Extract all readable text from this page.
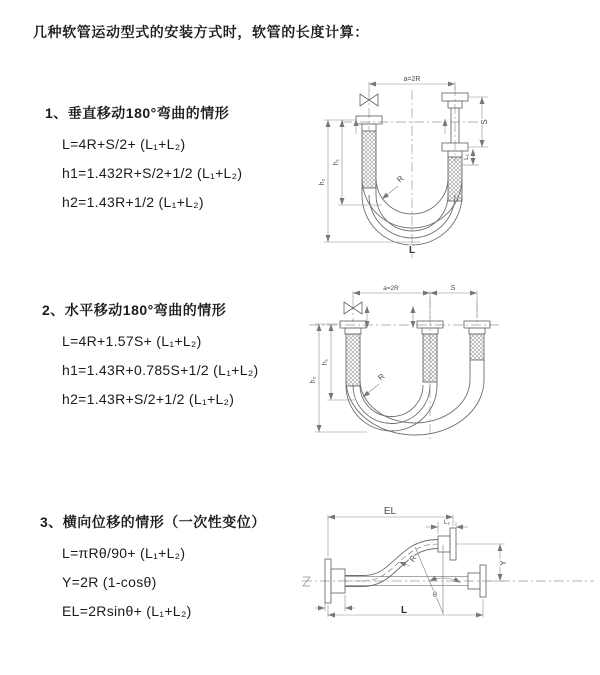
几种软管运动型式的安装方式时，软管的长度计算：
1、垂直移动180°弯曲的情形
L=4R+S/2+ (L₁+L₂)
h1=1.432R+S/2+1/2 (L₁+L₂)
h2=1.43R+1/2 (L₁+L₂)
2、水平移动180°弯曲的情形
L=4R+1.57S+ (L₁+L₂)
h1=1.43R+0.785S+1/2 (L₁+L₂)
h2=1.43R+S/2+1/2 (L₁+L₂)
3、横向位移的情形（一次性变位）
L=πRθ/90+ (L₁+L₂)
Y=2R (1-cosθ)
EL=2Rsinθ+ (L₁+L₂)
a=2R
S
L₁
h₁
h₂	R
L
a=2R	S
h₁
h₂	R
EL
L₂
Y
R
θ
L
